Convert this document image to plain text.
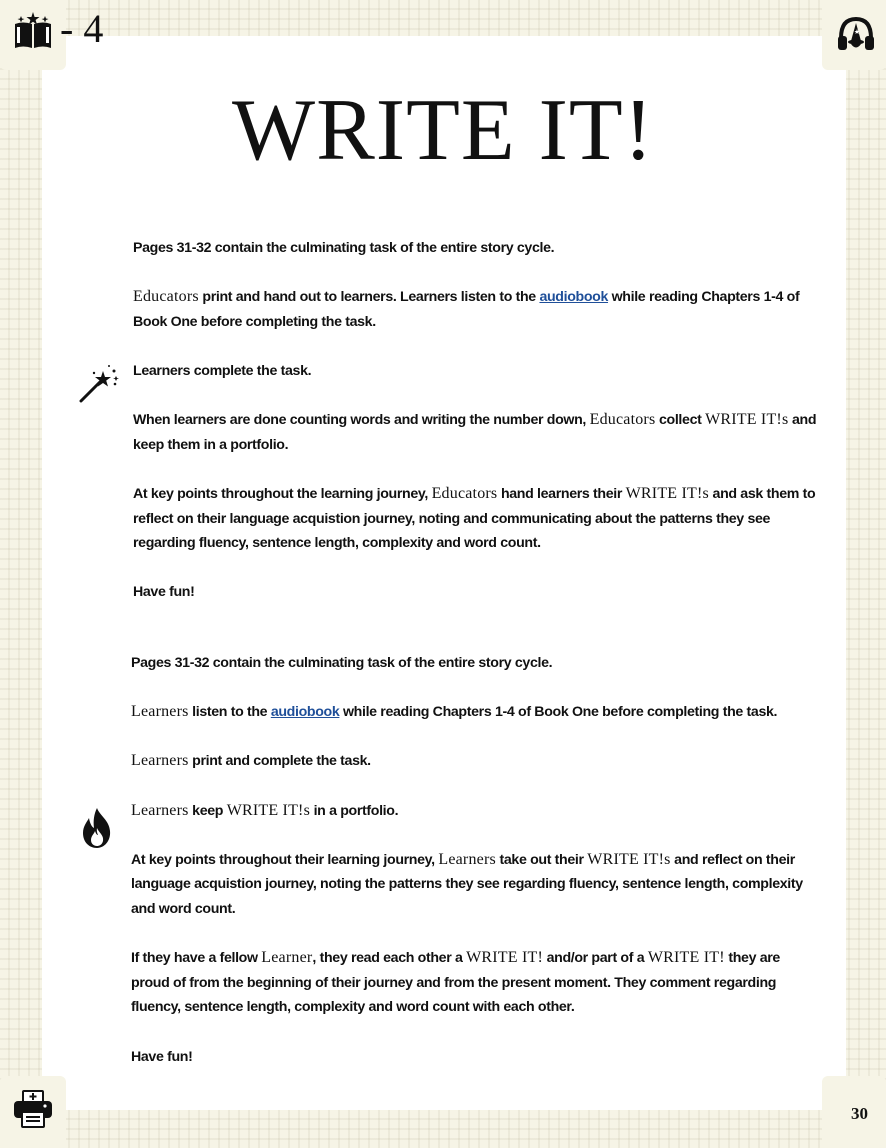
- 4
30
WRITE IT!

Pages 31-32 contain the culminating task of the entire story cycle.

Educators print and hand out to learners. Learners listen to the audiobook while reading Chapters 1-4 of Book One before completing the task.

Learners complete the task.

When learners are done counting words and writing the number down, Educators collect WRITE IT!s and keep them in a portfolio.

At key points throughout the learning journey, Educators hand learners their WRITE IT!s and ask them to reflect on their language acquistion journey, noting and communicating about the patterns they see regarding fluency, sentence length, complexity and word count.

Have fun!

Pages 31-32 contain the culminating task of the entire story cycle.

Learners listen to the audiobook while reading Chapters 1-4 of Book One before completing the task.

Learners print and complete the task.

Learners keep WRITE IT!s in a portfolio.

At key points throughout their learning journey, Learners take out their WRITE IT!s and reflect on their language acquistion journey, noting the patterns they see regarding fluency, sentence length, complexity and word count.

If they have a fellow Learner, they read each other a WRITE IT! and/or part of a WRITE IT! they are proud of from the beginning of their journey and from the present moment. They comment regarding fluency, sentence length, complexity and word count with each other.

Have fun!
